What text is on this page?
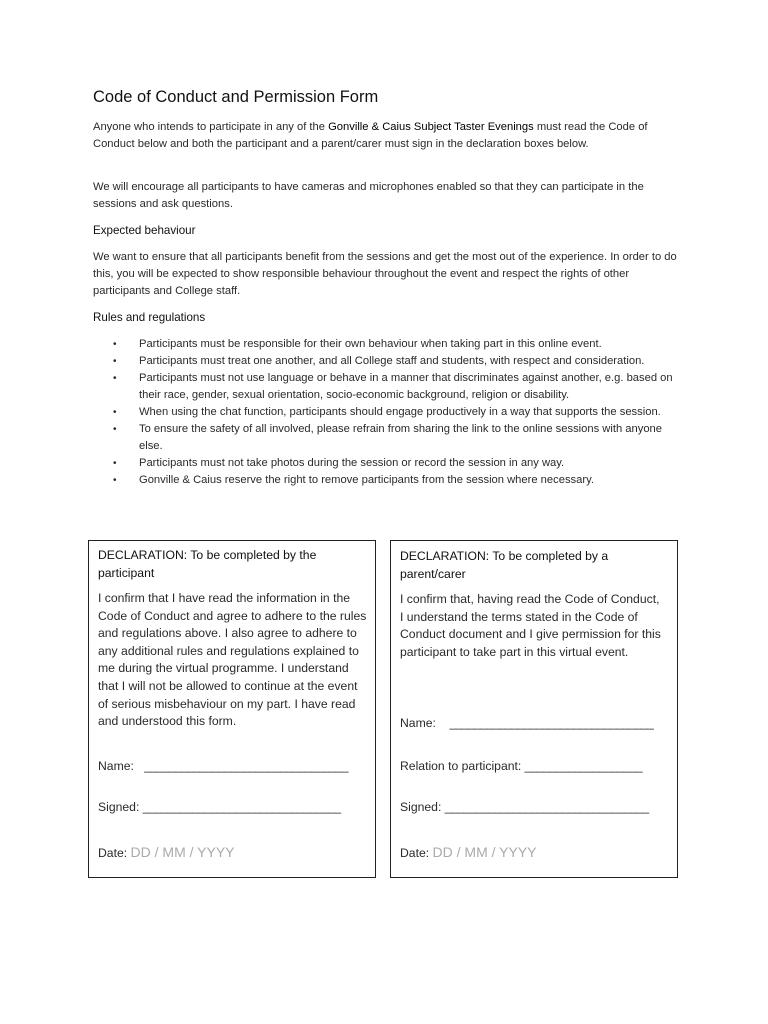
Code of Conduct and Permission Form

Anyone who intends to participate in any of the Gonville & Caius Subject Taster Evenings must read the Code of Conduct below and both the participant and a parent/carer must sign in the declaration boxes below.

We will encourage all participants to have cameras and microphones enabled so that they can participate in the sessions and ask questions.

Expected behaviour

We want to ensure that all participants benefit from the sessions and get the most out of the experience. In order to do this, you will be expected to show responsible behaviour throughout the event and respect the rights of other participants and College staff.

Rules and regulations

• Participants must be responsible for their own behaviour when taking part in this online event.
• Participants must treat one another, and all College staff and students, with respect and consideration.
• Participants must not use language or behave in a manner that discriminates against another, e.g. based on their race, gender, sexual orientation, socio-economic background, religion or disability.
• When using the chat function, participants should engage productively in a way that supports the session.
• To ensure the safety of all involved, please refrain from sharing the link to the online sessions with anyone else.
• Participants must not take photos during the session or record the session in any way.
• Gonville & Caius reserve the right to remove participants from the session where necessary.
DECLARATION: To be completed by the participant
I confirm that I have read the information in the Code of Conduct and agree to adhere to the rules and regulations above. I also agree to adhere to any additional rules and regulations explained to me during the virtual programme. I understand that I will not be allowed to continue at the event of serious misbehaviour on my part. I have read and understood this form.
Name: _________________________________
Signed: ________________________________
Date: DD / MM / YYYY
DECLARATION: To be completed by a parent/carer
I confirm that, having read the Code of Conduct, I understand the terms stated in the Code of Conduct document and I give permission for this participant to take part in this virtual event.
Name: _________________________________
Relation to participant: ___________________
Signed: _________________________________
Date: DD / MM / YYYY
